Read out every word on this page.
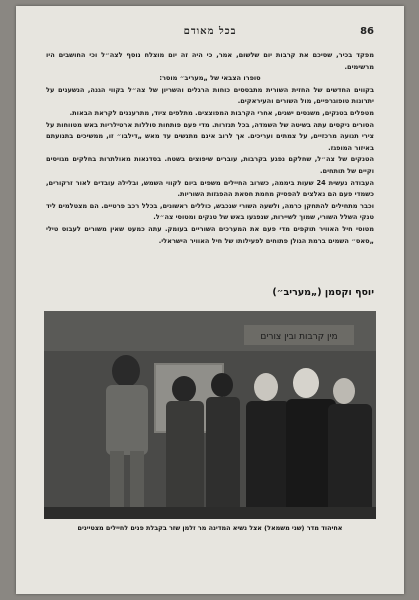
86
בכל מאודם

מפקד בכיר, שסיכם את קרבות יום שלשום, אמר, כי היה זה יום מוצלח נוסף לצה״ל וכי החושבים היו מרשימים.

סופרו הצבאי של „מעריב״ מוסר:

בקווים החדשים של החזית השורית מתבססים כוחות הרגלים והשריון של צה״ל בקווי הגנה, הנשענים על יתרונות טופוגרפיים, מול השורים והעיראקים.

מטפלים בטנקים, משנסים ישנים, אחרי הקרבות המפוצצים. מתלפים ציוד, מתרעננים לקראת הבאות.

הסורים ניקסים עתה בשיטה של השמדה, בכל תנזרות. מדי פעם פותחות סוללות ארטילריות באש מטווחות על צירי תנועה מרכזיים, על צמתים ועריכים. אך לרוב אינם מתנשים עד מאש „דילבו״ זו, ממשיכים בתנועתם באיזור המופגז.

הטנקים של צה״ל, שחלקם נפגע בקרבות, עוברים שיפוצים בשטח. בסדנאות מאולתרות בחלקים מגויסים וקיים של תותחים.

העבודה נעשית 24 שעות ביממה, כשרוב החיילים משפים ביום לקווי השמש, ובלילה עובדים לאור זרקורים, כשמדי פעם הם נאלצים להפסיק מחמת חסאת ההפגזות השוריות.

וכבר מתחילים להתחקן כרמה, ולשעה השורי שנכבש, כוללים ראשונים, בכלל רכב פרטיים. הם מצטלמים ליד טנקי השלל השורי, שמוך לשיירות, שנפגעו באש של טנקים ומטוסי צה״ל.

מטוסי חיל האוויר תוקפים מדי פעם את המערכים השוריים בעומק. עתה כמעט שאין משורים לעבוס טילי „סאס״ השמים ברמת הגולן פתוחים לפעילותו של חיל האוויר הישראלי.

יוסף וקסמן („מעריב״)
מין קרבות ובין צורים
אחיהוד מדר (שני משמאל) אצל נשיא המדינה מר זלמן שזר בקבלת פנים לחיילים מצטיינים
